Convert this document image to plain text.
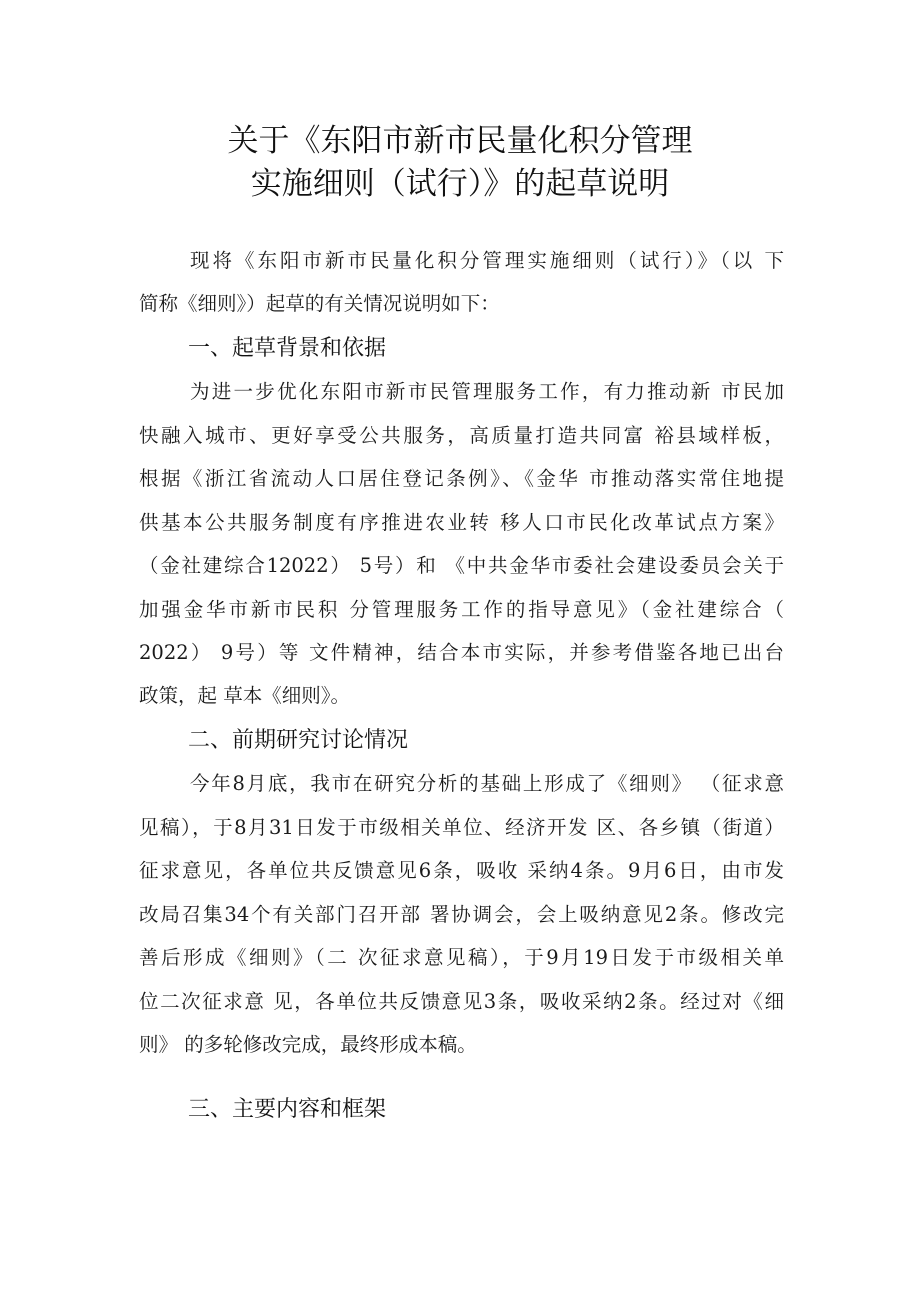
关于《东阳市新市民量化积分管理
实施细则（试行）》的起草说明
现将《东阳市新市民量化积分管理实施细则（试行）》（以 下
简称《细则》）起草的有关情况说明如下：
一、起草背景和依据
为进一步优化东阳市新市民管理服务工作，有力推动新 市民加
快融入城市、更好享受公共服务，高质量打造共同富 裕县域样板，
根据《浙江省流动人口居住登记条例》、《金华 市推动落实常住地提
供基本公共服务制度有序推进农业转 移人口市民化改革试点方案》
（金社建综合12022） 5号）和 《中共金华市委社会建设委员会关于
加强金华市新市民积 分管理服务工作的指导意见》（金社建综合（
2022） 9号）等 文件精神，结合本市实际，并参考借鉴各地已出台
政策，起 草本《细则》。
二、前期研究讨论情况
今年8月底，我市在研究分析的基础上形成了《细则》 （征求意
见稿），于8月31日发于市级相关单位、经济开发 区、各乡镇（街道）
征求意见，各单位共反馈意见6条，吸收 采纳4条。9月6日，由市发
改局召集34个有关部门召开部 署协调会，会上吸纳意见2条。修改完
善后形成《细则》（二 次征求意见稿），于9月19日发于市级相关单
位二次征求意 见，各单位共反馈意见3条，吸收采纳2条。经过对《细
则》 的多轮修改完成，最终形成本稿。
三、主要内容和框架
